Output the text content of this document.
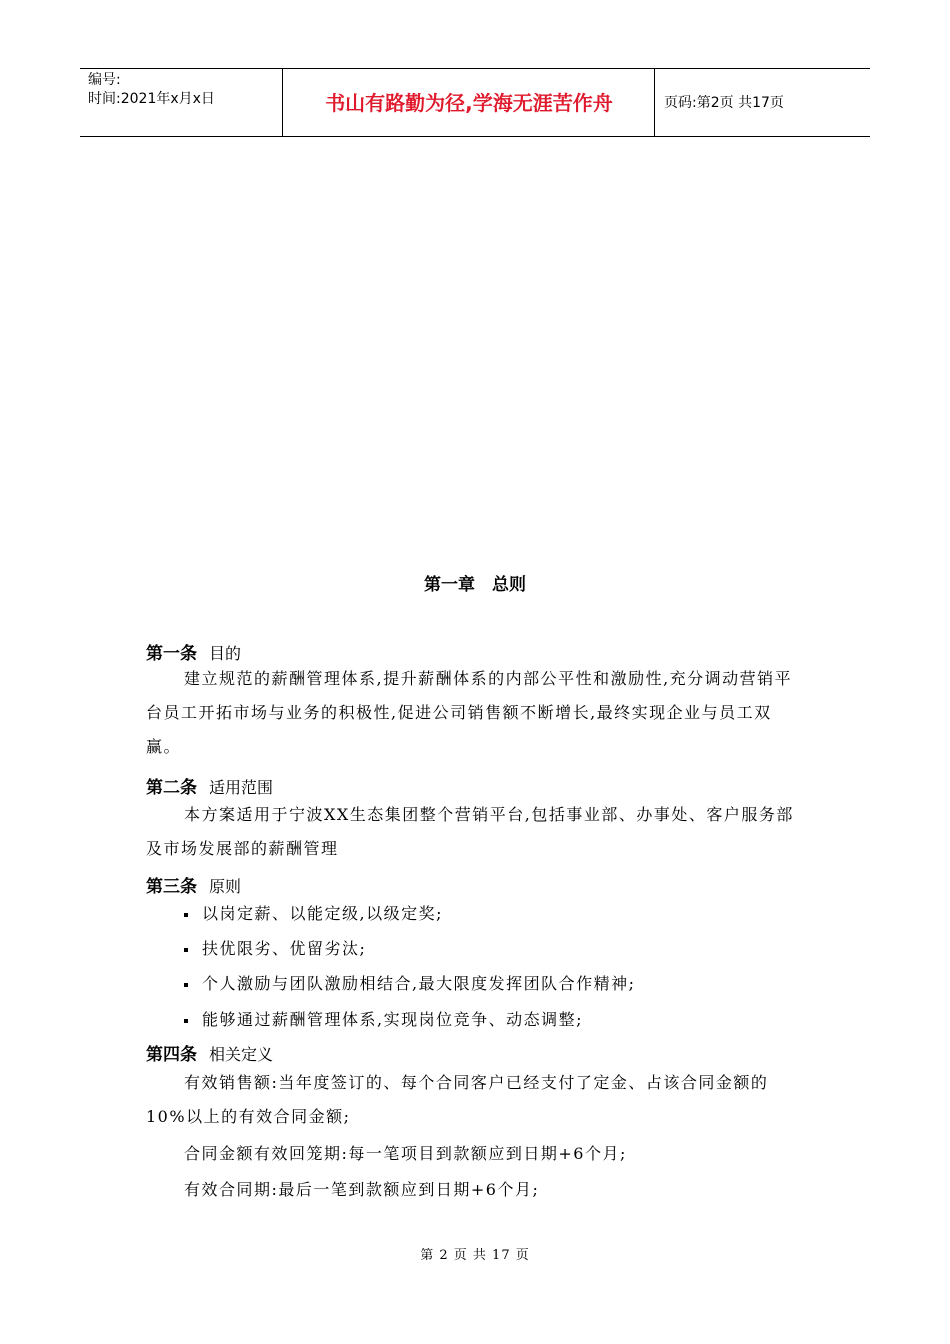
编号:
时间:2021年x月x日	书山有路勤为径,学海无涯苦作舟	页码:第2页 共17页
第一章　总则
第一条 目的
建立规范的薪酬管理体系,提升薪酬体系的内部公平性和激励性,充分调动营销平台员工开拓市场与业务的积极性,促进公司销售额不断增长,最终实现企业与员工双赢。
第二条 适用范围
本方案适用于宁波XX生态集团整个营销平台,包括事业部、办事处、客户服务部及市场发展部的薪酬管理
第三条 原则
以岗定薪、以能定级,以级定奖;
扶优限劣、优留劣汰;
个人激励与团队激励相结合,最大限度发挥团队合作精神;
能够通过薪酬管理体系,实现岗位竞争、动态调整;
第四条 相关定义
有效销售额:当年度签订的、每个合同客户已经支付了定金、占该合同金额的10%以上的有效合同金额;
合同金额有效回笼期:每一笔项目到款额应到日期+6个月;
有效合同期:最后一笔到款额应到日期+6个月;
第 2 页 共 17 页
